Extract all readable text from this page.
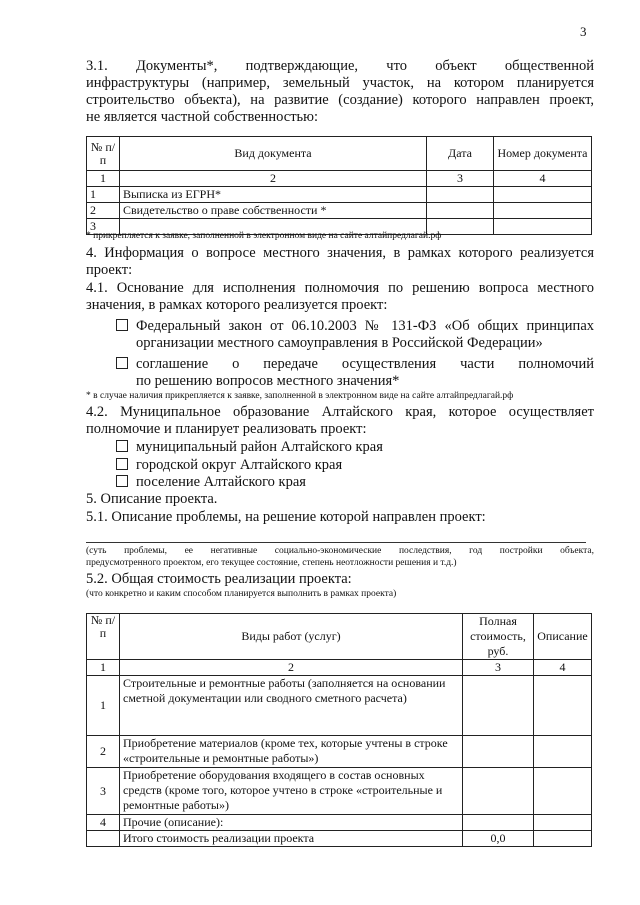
3
3.1. Документы*, подтверждающие, что объект общественной
инфраструктуры (например, земельный участок, на котором планируется
строительство объекта), на развитие (создание) которого направлен проект,
не является частной собственностью:
№ п/п	Вид документа	Дата	Номер документа
1	2	3	4
1	Выписка из ЕГРН*		
2	Свидетельство о праве собственности *		
3			
* прикрепляется к заявке, заполненной в электронном виде на сайте алтайпредлагай.рф
4. Информация о вопросе местного значения, в рамках которого реализуется
проект:
4.1. Основание для исполнения полномочия по решению вопроса местного
значения, в рамках которого реализуется проект:
Федеральный закон от 06.10.2003 № 131-ФЗ «Об общих принципах
организации местного самоуправления в Российской Федерации»
соглашение о передаче осуществления части полномочий
по решению вопросов местного значения*
* в случае наличия прикрепляется к заявке, заполненной в электронном виде на сайте алтайпредлагай.рф
4.2. Муниципальное образование Алтайского края, которое осуществляет
полномочие и планирует реализовать проект:
муниципальный район Алтайского края
городской округ Алтайского края
поселение Алтайского края
5. Описание проекта.
5.1. Описание проблемы, на решение которой направлен проект:
(суть проблемы, ее негативные социально-экономические последствия, год постройки объекта,
предусмотренного проектом, его текущее состояние, степень неотложности решения и т.д.)
5.2. Общая стоимость реализации проекта:
(что конкретно и каким способом планируется выполнить в рамках проекта)
№ п/п	Виды работ (услуг)	Полная стоимость, руб.	Описание
1	2	3	4
1	Строительные и ремонтные работы (заполняется на основании сметной документации или сводного сметного расчета)		
2	Приобретение материалов (кроме тех, которые учтены в строке «строительные и ремонтные работы»)		
3	Приобретение оборудования входящего в состав основных средств (кроме того, которое учтено в строке «строительные и ремонтные работы»)		
4	Прочие (описание):		
	Итого стоимость реализации проекта	0,0	
